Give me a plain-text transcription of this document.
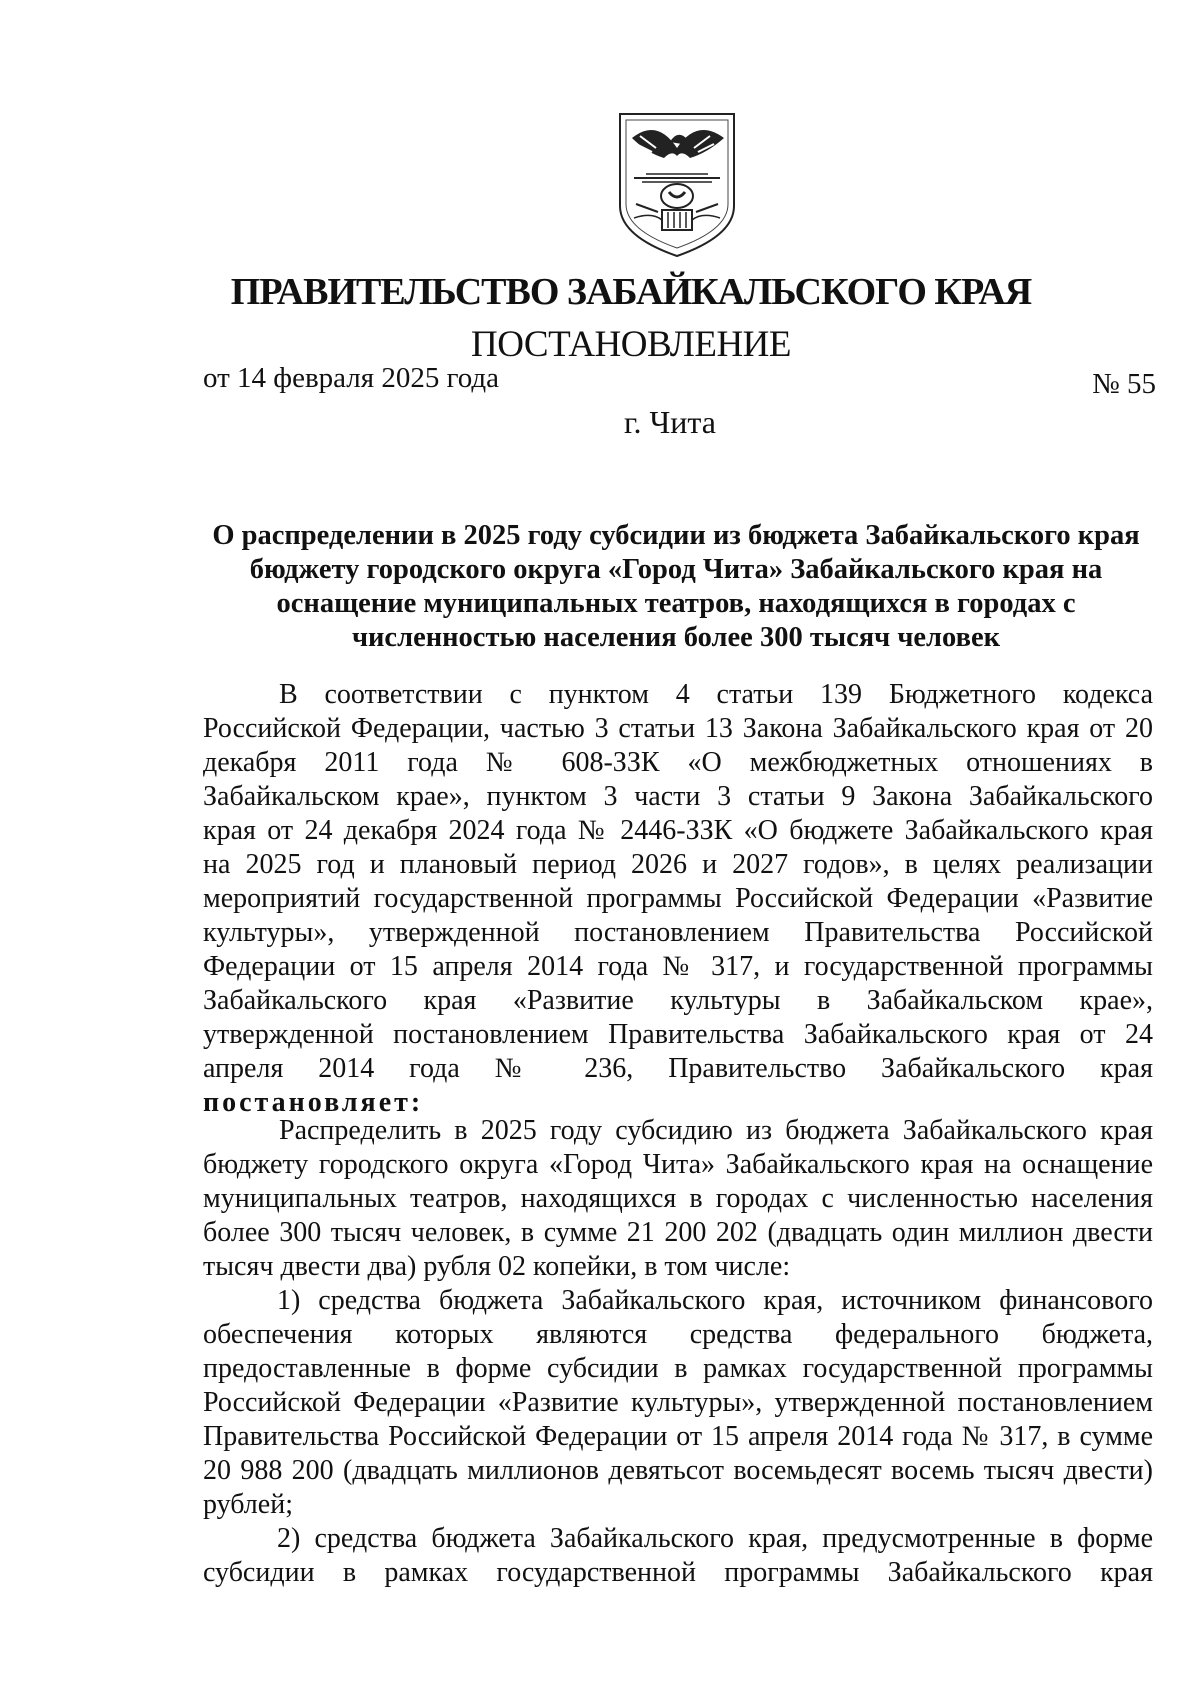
ПРАВИТЕЛЬСТВО ЗАБАЙКАЛЬСКОГО КРАЯ
ПОСТАНОВЛЕНИЕ
от 14 февраля 2025 года	№ 55
г. Чита
О распределении в 2025 году субсидии из бюджета Забайкальского края
бюджету городского округа «Город Чита» Забайкальского края на
оснащение муниципальных театров, находящихся в городах с
численностью населения более 300 тысяч человек
В соответствии с пунктом 4 статьи 139 Бюджетного кодекса
Российской Федерации, частью 3 статьи 13 Закона Забайкальского края от 20
декабря 2011 года № 608-ЗЗК «О межбюджетных отношениях в
Забайкальском крае», пунктом 3 части 3 статьи 9 Закона Забайкальского
края от 24 декабря 2024 года № 2446-ЗЗК «О бюджете Забайкальского края
на 2025 год и плановый период 2026 и 2027 годов», в целях реализации
мероприятий государственной программы Российской Федерации «Развитие
культуры», утвержденной постановлением Правительства Российской
Федерации от 15 апреля 2014 года № 317, и государственной программы
Забайкальского края «Развитие культуры в Забайкальском крае»,
утвержденной постановлением Правительства Забайкальского края от 24
апреля 2014 года № 236, Правительство Забайкальского края
постановляет:
Распределить в 2025 году субсидию из бюджета Забайкальского края
бюджету городского округа «Город Чита» Забайкальского края на оснащение
муниципальных театров, находящихся в городах с численностью населения
более 300 тысяч человек, в сумме 21 200 202 (двадцать один миллион двести
тысяч двести два) рубля 02 копейки, в том числе:
1) средства бюджета Забайкальского края, источником финансового
обеспечения которых являются средства федерального бюджета,
предоставленные в форме субсидии в рамках государственной программы
Российской Федерации «Развитие культуры», утвержденной постановлением
Правительства Российской Федерации от 15 апреля 2014 года № 317, в сумме
20 988 200 (двадцать миллионов девятьсот восемьдесят восемь тысяч двести)
рублей;
2) средства бюджета Забайкальского края, предусмотренные в форме
субсидии в рамках государственной программы Забайкальского края
